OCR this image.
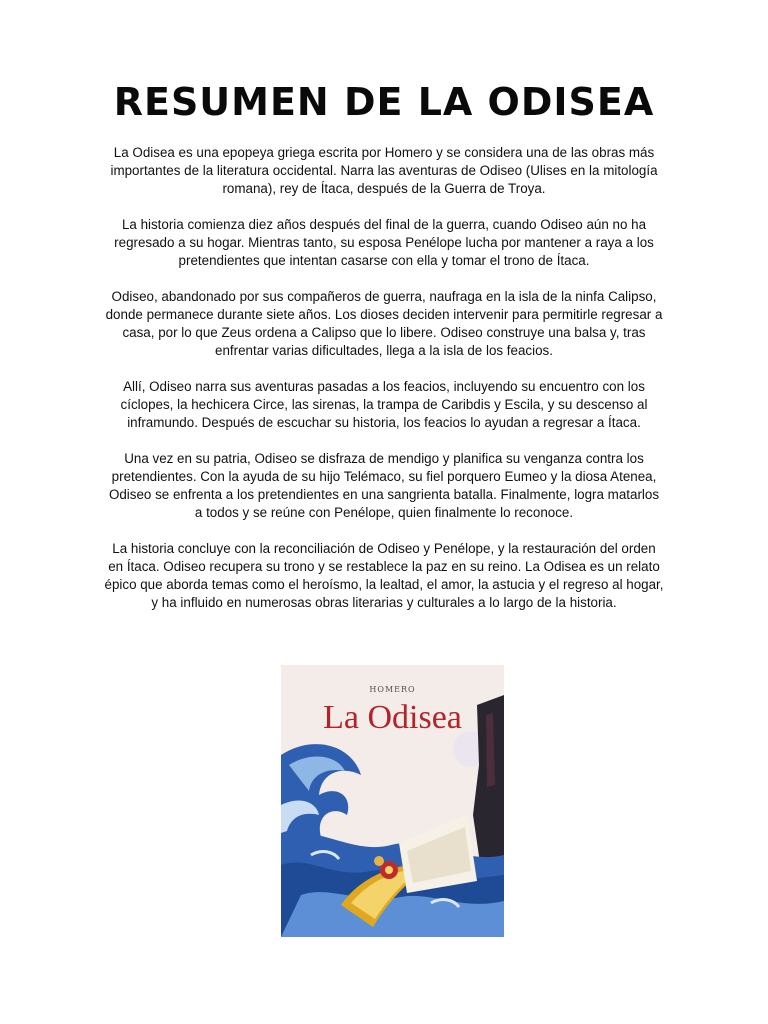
RESUMEN DE LA ODISEA

La Odisea es una epopeya griega escrita por Homero y se considera una de las obras más importantes de la literatura occidental. Narra las aventuras de Odiseo (Ulises en la mitología romana), rey de Ítaca, después de la Guerra de Troya.

La historia comienza diez años después del final de la guerra, cuando Odiseo aún no ha regresado a su hogar. Mientras tanto, su esposa Penélope lucha por mantener a raya a los pretendientes que intentan casarse con ella y tomar el trono de Ítaca.

Odiseo, abandonado por sus compañeros de guerra, naufraga en la isla de la ninfa Calipso, donde permanece durante siete años. Los dioses deciden intervenir para permitirle regresar a casa, por lo que Zeus ordena a Calipso que lo libere. Odiseo construye una balsa y, tras enfrentar varias dificultades, llega a la isla de los feacios.

Allí, Odiseo narra sus aventuras pasadas a los feacios, incluyendo su encuentro con los cíclopes, la hechicera Circe, las sirenas, la trampa de Caribdis y Escila, y su descenso al inframundo. Después de escuchar su historia, los feacios lo ayudan a regresar a Ítaca.

Una vez en su patria, Odiseo se disfraza de mendigo y planifica su venganza contra los pretendientes. Con la ayuda de su hijo Telémaco, su fiel porquero Eumeo y la diosa Atenea, Odiseo se enfrenta a los pretendientes en una sangrienta batalla. Finalmente, logra matarlos a todos y se reúne con Penélope, quien finalmente lo reconoce.

La historia concluye con la reconciliación de Odiseo y Penélope, y la restauración del orden en Ítaca. Odiseo recupera su trono y se restablece la paz en su reino. La Odisea es un relato épico que aborda temas como el heroísmo, la lealtad, el amor, la astucia y el regreso al hogar, y ha influido en numerosas obras literarias y culturales a lo largo de la historia.

HOMERO
La Odisea
